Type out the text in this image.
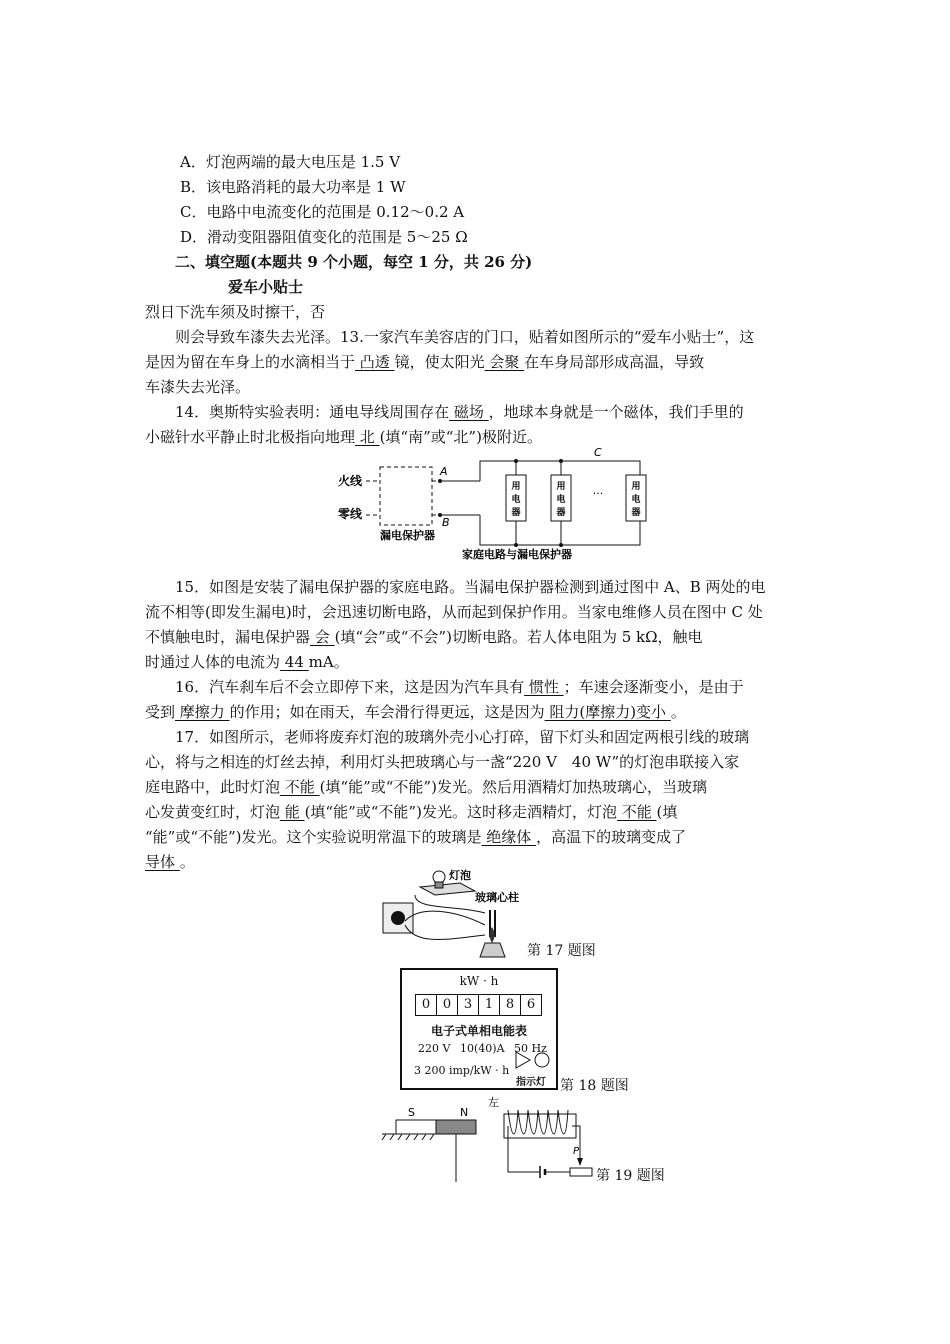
A．灯泡两端的最大电压是 1.5 V
B．该电路消耗的最大功率是 1 W
C．电路中电流变化的范围是 0.12～0.2 A
D．滑动变阻器阻值变化的范围是 5～25 Ω
二、填空题(本题共 9 个小题，每空 1 分，共 26 分)
爱车小贴士
烈日下洗车须及时擦干，否
则会导致车漆失去光泽。13.一家汽车美容店的门口，贴着如图所示的“爱车小贴士”，这
是因为留在车身上的水滴相当于 凸透 镜，使太阳光 会聚 在车身局部形成高温，导致
车漆失去光泽。
14．奥斯特实验表明：通电导线周围存在 磁场 ，地球本身就是一个磁体，我们手里的
小磁针水平静止时北极指向地理 北 (填“南”或“北”)极附近。
火线
零线
A
B
漏电保护器
C
用
电
器
用
电
器
···	用
电
器
家庭电路与漏电保护器
15．如图是安装了漏电保护器的家庭电路。当漏电保护器检测到通过图中 A、B 两处的电
流不相等(即发生漏电)时，会迅速切断电路，从而起到保护作用。当家电维修人员在图中 C 处
不慎触电时，漏电保护器 会 (填“会”或“不会”)切断电路。若人体电阻为 5 kΩ，触电
时通过人体的电流为 44 mA。
16．汽车刹车后不会立即停下来，这是因为汽车具有 惯性 ；车速会逐渐变小，是由于
受到 摩擦力 的作用；如在雨天，车会滑行得更远，这是因为 阻力(摩擦力)变小 。
17．如图所示，老师将废弃灯泡的玻璃外壳小心打碎，留下灯头和固定两根引线的玻璃
心，将与之相连的灯丝去掉，利用灯头把玻璃心与一盏“220 V　40 W”的灯泡串联接入家
庭电路中，此时灯泡 不能 (填“能”或“不能”)发光。然后用酒精灯加热玻璃心，当玻璃
心发黄变红时，灯泡 能 (填“能”或“不能”)发光。这时移走酒精灯，灯泡 不能 (填
“能”或“不能”)发光。这个实验说明常温下的玻璃是 绝缘体 ，高温下的玻璃变成了
导体 。
灯泡
玻璃心柱
第 17 题图
kW · h
0 0 3 1 8 6
电子式单相电能表
220 V 10(40)A 50 Hz
3 200 imp/kW · h
指示灯 第 18 题图
左
S	N
P
第 19 题图
